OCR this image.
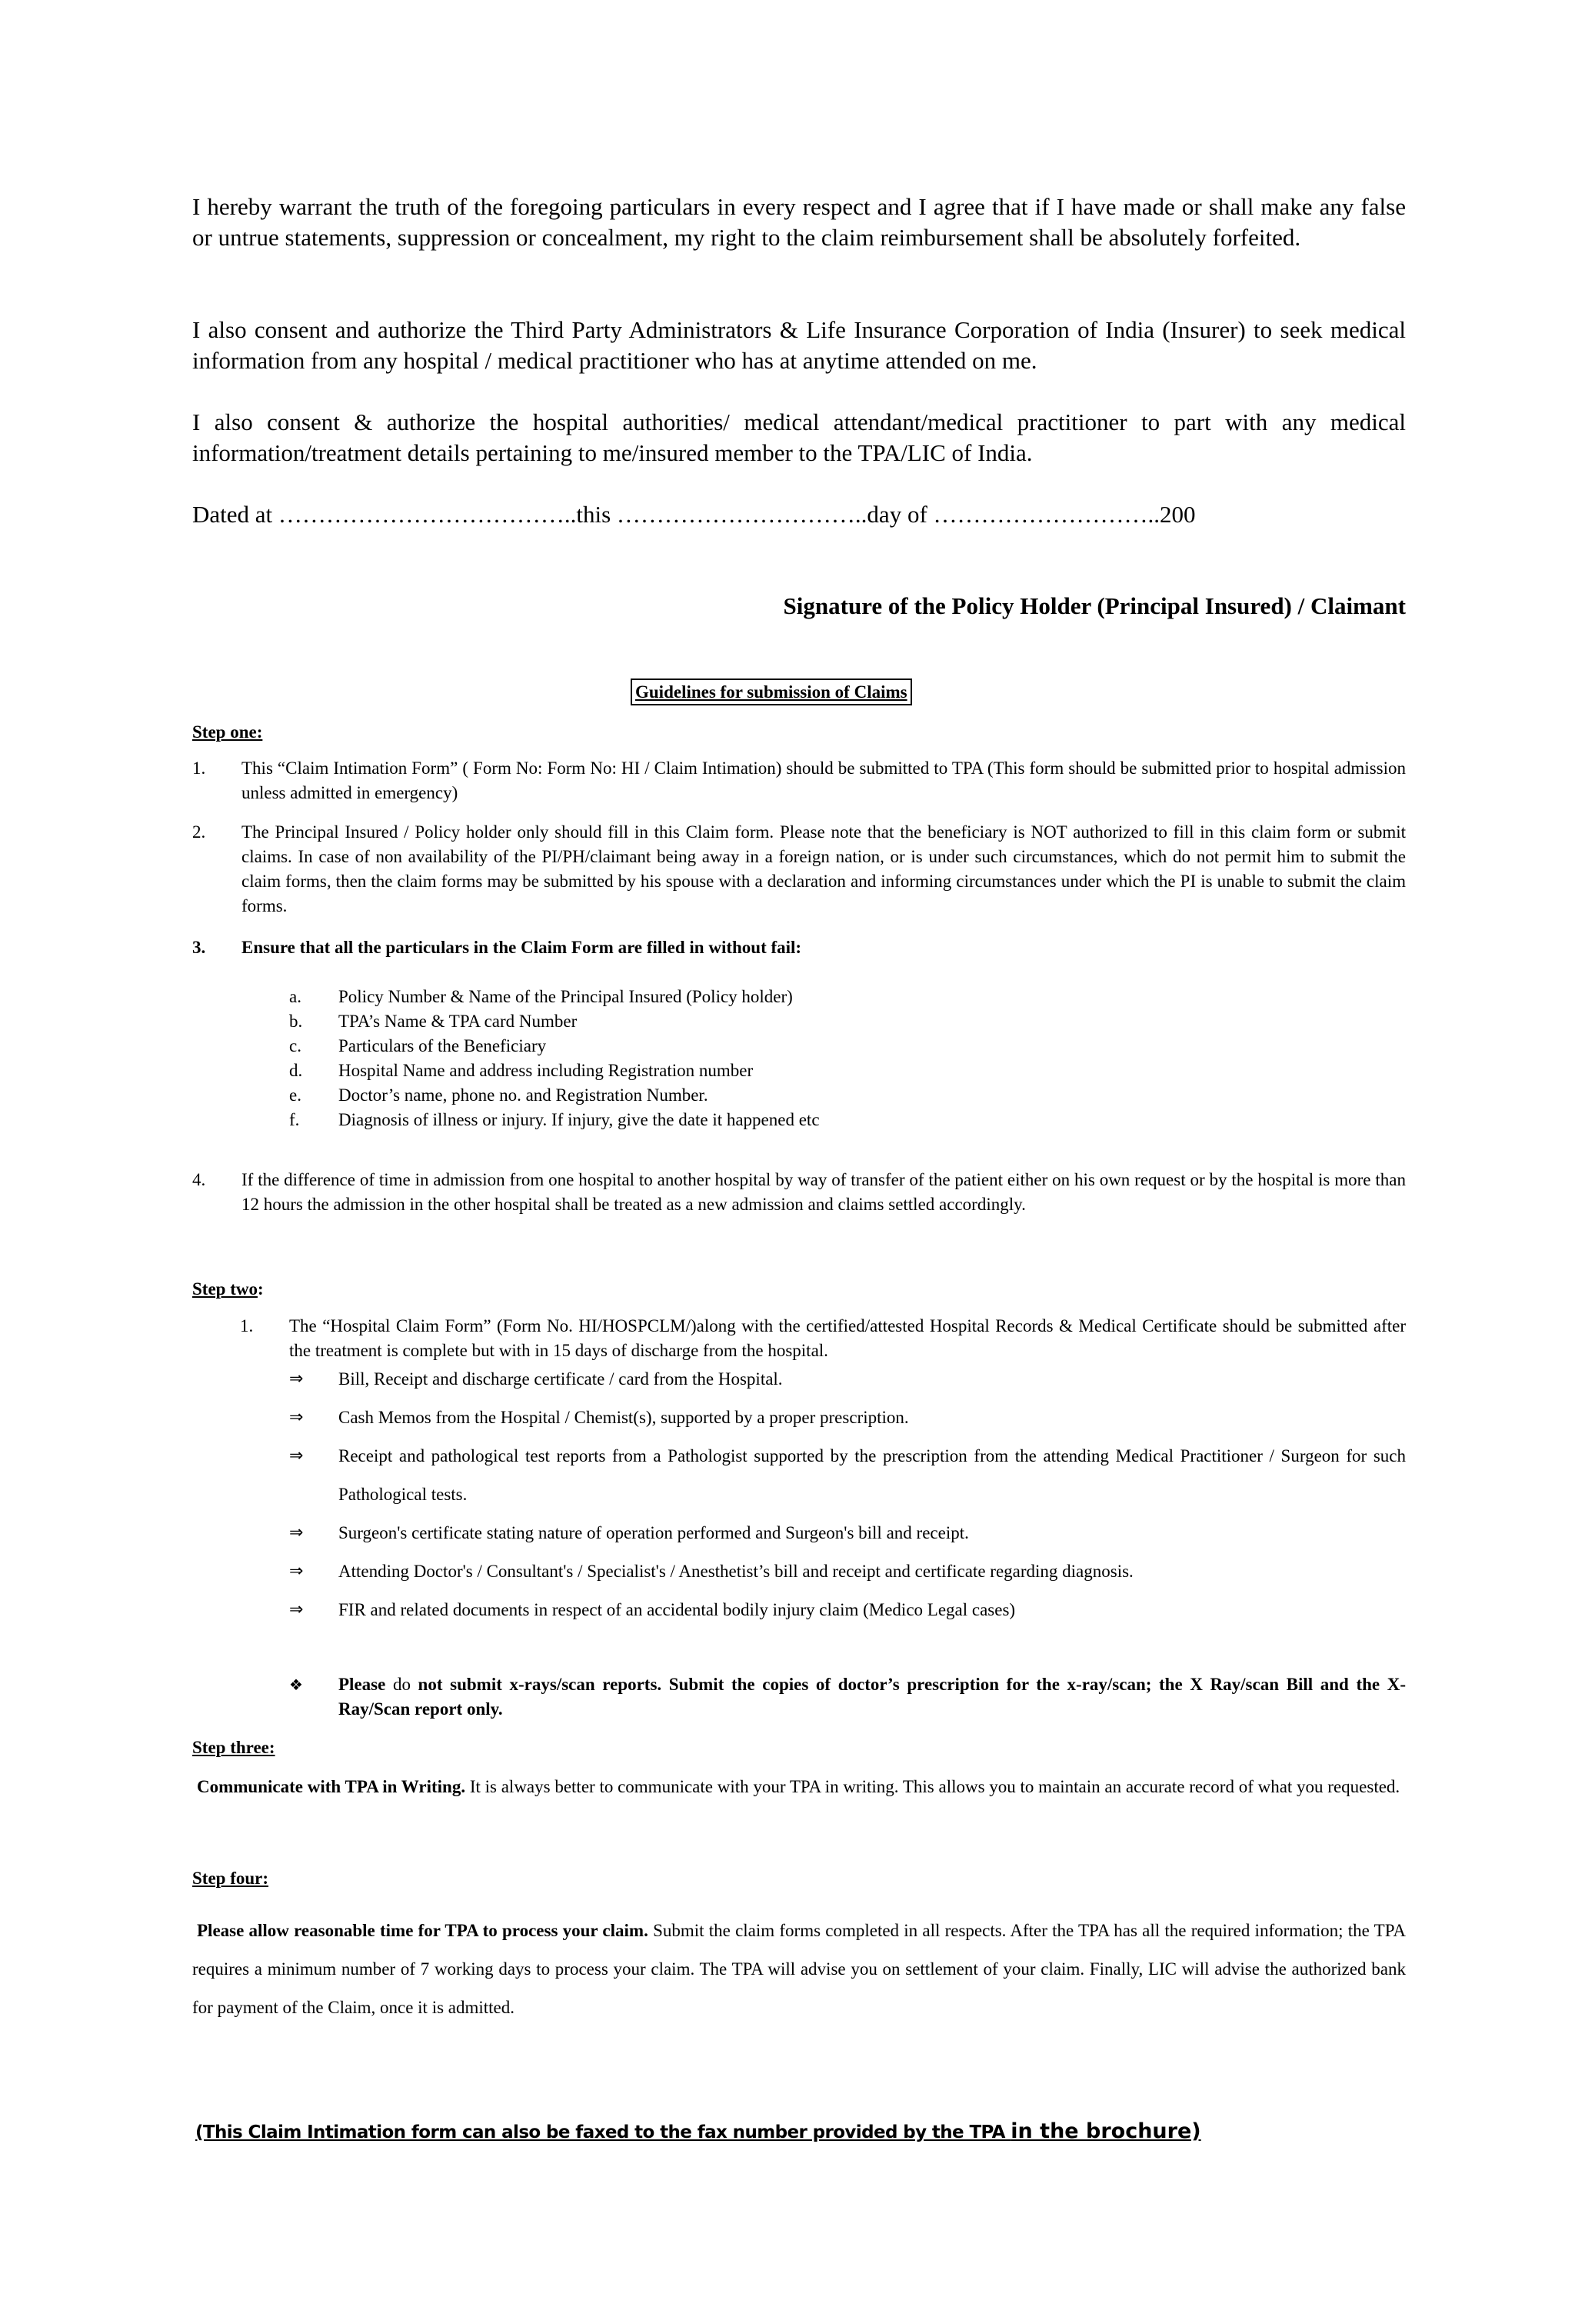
I hereby warrant the truth of the foregoing particulars in every respect and I agree that if I have made or shall make any false or untrue statements, suppression or concealment, my right to the claim reimbursement shall be absolutely forfeited.

I also consent and authorize the Third Party Administrators & Life Insurance Corporation of India (Insurer) to seek medical information from any hospital / medical practitioner who has at anytime attended on me.

I also consent & authorize the hospital authorities/ medical attendant/medical practitioner to part with any medical information/treatment details pertaining to me/insured member to the TPA/LIC of India.

Dated at ………………………………..this …………………………..day of ………………………..200

Signature of the Policy Holder (Principal Insured) / Claimant
Guidelines for submission of Claims
Step one:
1. This “Claim Intimation Form” ( Form No: Form No: HI / Claim Intimation) should be submitted to TPA (This form should be submitted prior to hospital admission unless admitted in emergency)
2. The Principal Insured / Policy holder only should fill in this Claim form. Please note that the beneficiary is NOT authorized to fill in this claim form or submit claims. In case of non availability of the PI/PH/claimant being away in a foreign nation, or is under such circumstances, which do not permit him to submit the claim forms, then the claim forms may be submitted by his spouse with a declaration and informing circumstances under which the PI is unable to submit the claim forms.
3. Ensure that all the particulars in the Claim Form are filled in without fail:
a. Policy Number & Name of the Principal Insured (Policy holder)
b. TPA’s Name & TPA card Number
c. Particulars of the Beneficiary
d. Hospital Name and address including Registration number
e. Doctor’s name, phone no. and Registration Number.
f. Diagnosis of illness or injury. If injury, give the date it happened etc
4. If the difference of time in admission from one hospital to another hospital by way of transfer of the patient either on his own request or by the hospital is more than 12 hours the admission in the other hospital shall be treated as a new admission and claims settled accordingly.
Step two:
1. The “Hospital Claim Form” (Form No. HI/HOSPCLM/)along with the certified/attested Hospital Records & Medical Certificate should be submitted after the treatment is complete but with in 15 days of discharge from the hospital.
⇒ Bill, Receipt and discharge certificate / card from the Hospital.
⇒ Cash Memos from the Hospital / Chemist(s), supported by a proper prescription.
⇒ Receipt and pathological test reports from a Pathologist supported by the prescription from the attending Medical Practitioner / Surgeon for such Pathological tests.
⇒ Surgeon's certificate stating nature of operation performed and Surgeon's bill and receipt.
⇒ Attending Doctor's / Consultant's / Specialist's / Anesthetist’s bill and receipt and certificate regarding diagnosis.
⇒ FIR and related documents in respect of an accidental bodily injury claim (Medico Legal cases)
❖ Please do not submit x-rays/scan reports. Submit the copies of doctor’s prescription for the x-ray/scan; the X Ray/scan Bill and the X-Ray/Scan report only.
Step three:
Communicate with TPA in Writing. It is always better to communicate with your TPA in writing. This allows you to maintain an accurate record of what you requested.
Step four:
Please allow reasonable time for TPA to process your claim. Submit the claim forms completed in all respects. After the TPA has all the required information; the TPA requires a minimum number of 7 working days to process your claim. The TPA will advise you on settlement of your claim. Finally, LIC will advise the authorized bank for payment of the Claim, once it is admitted.
(This Claim Intimation form can also be faxed to the fax number provided by the TPA in the brochure)
